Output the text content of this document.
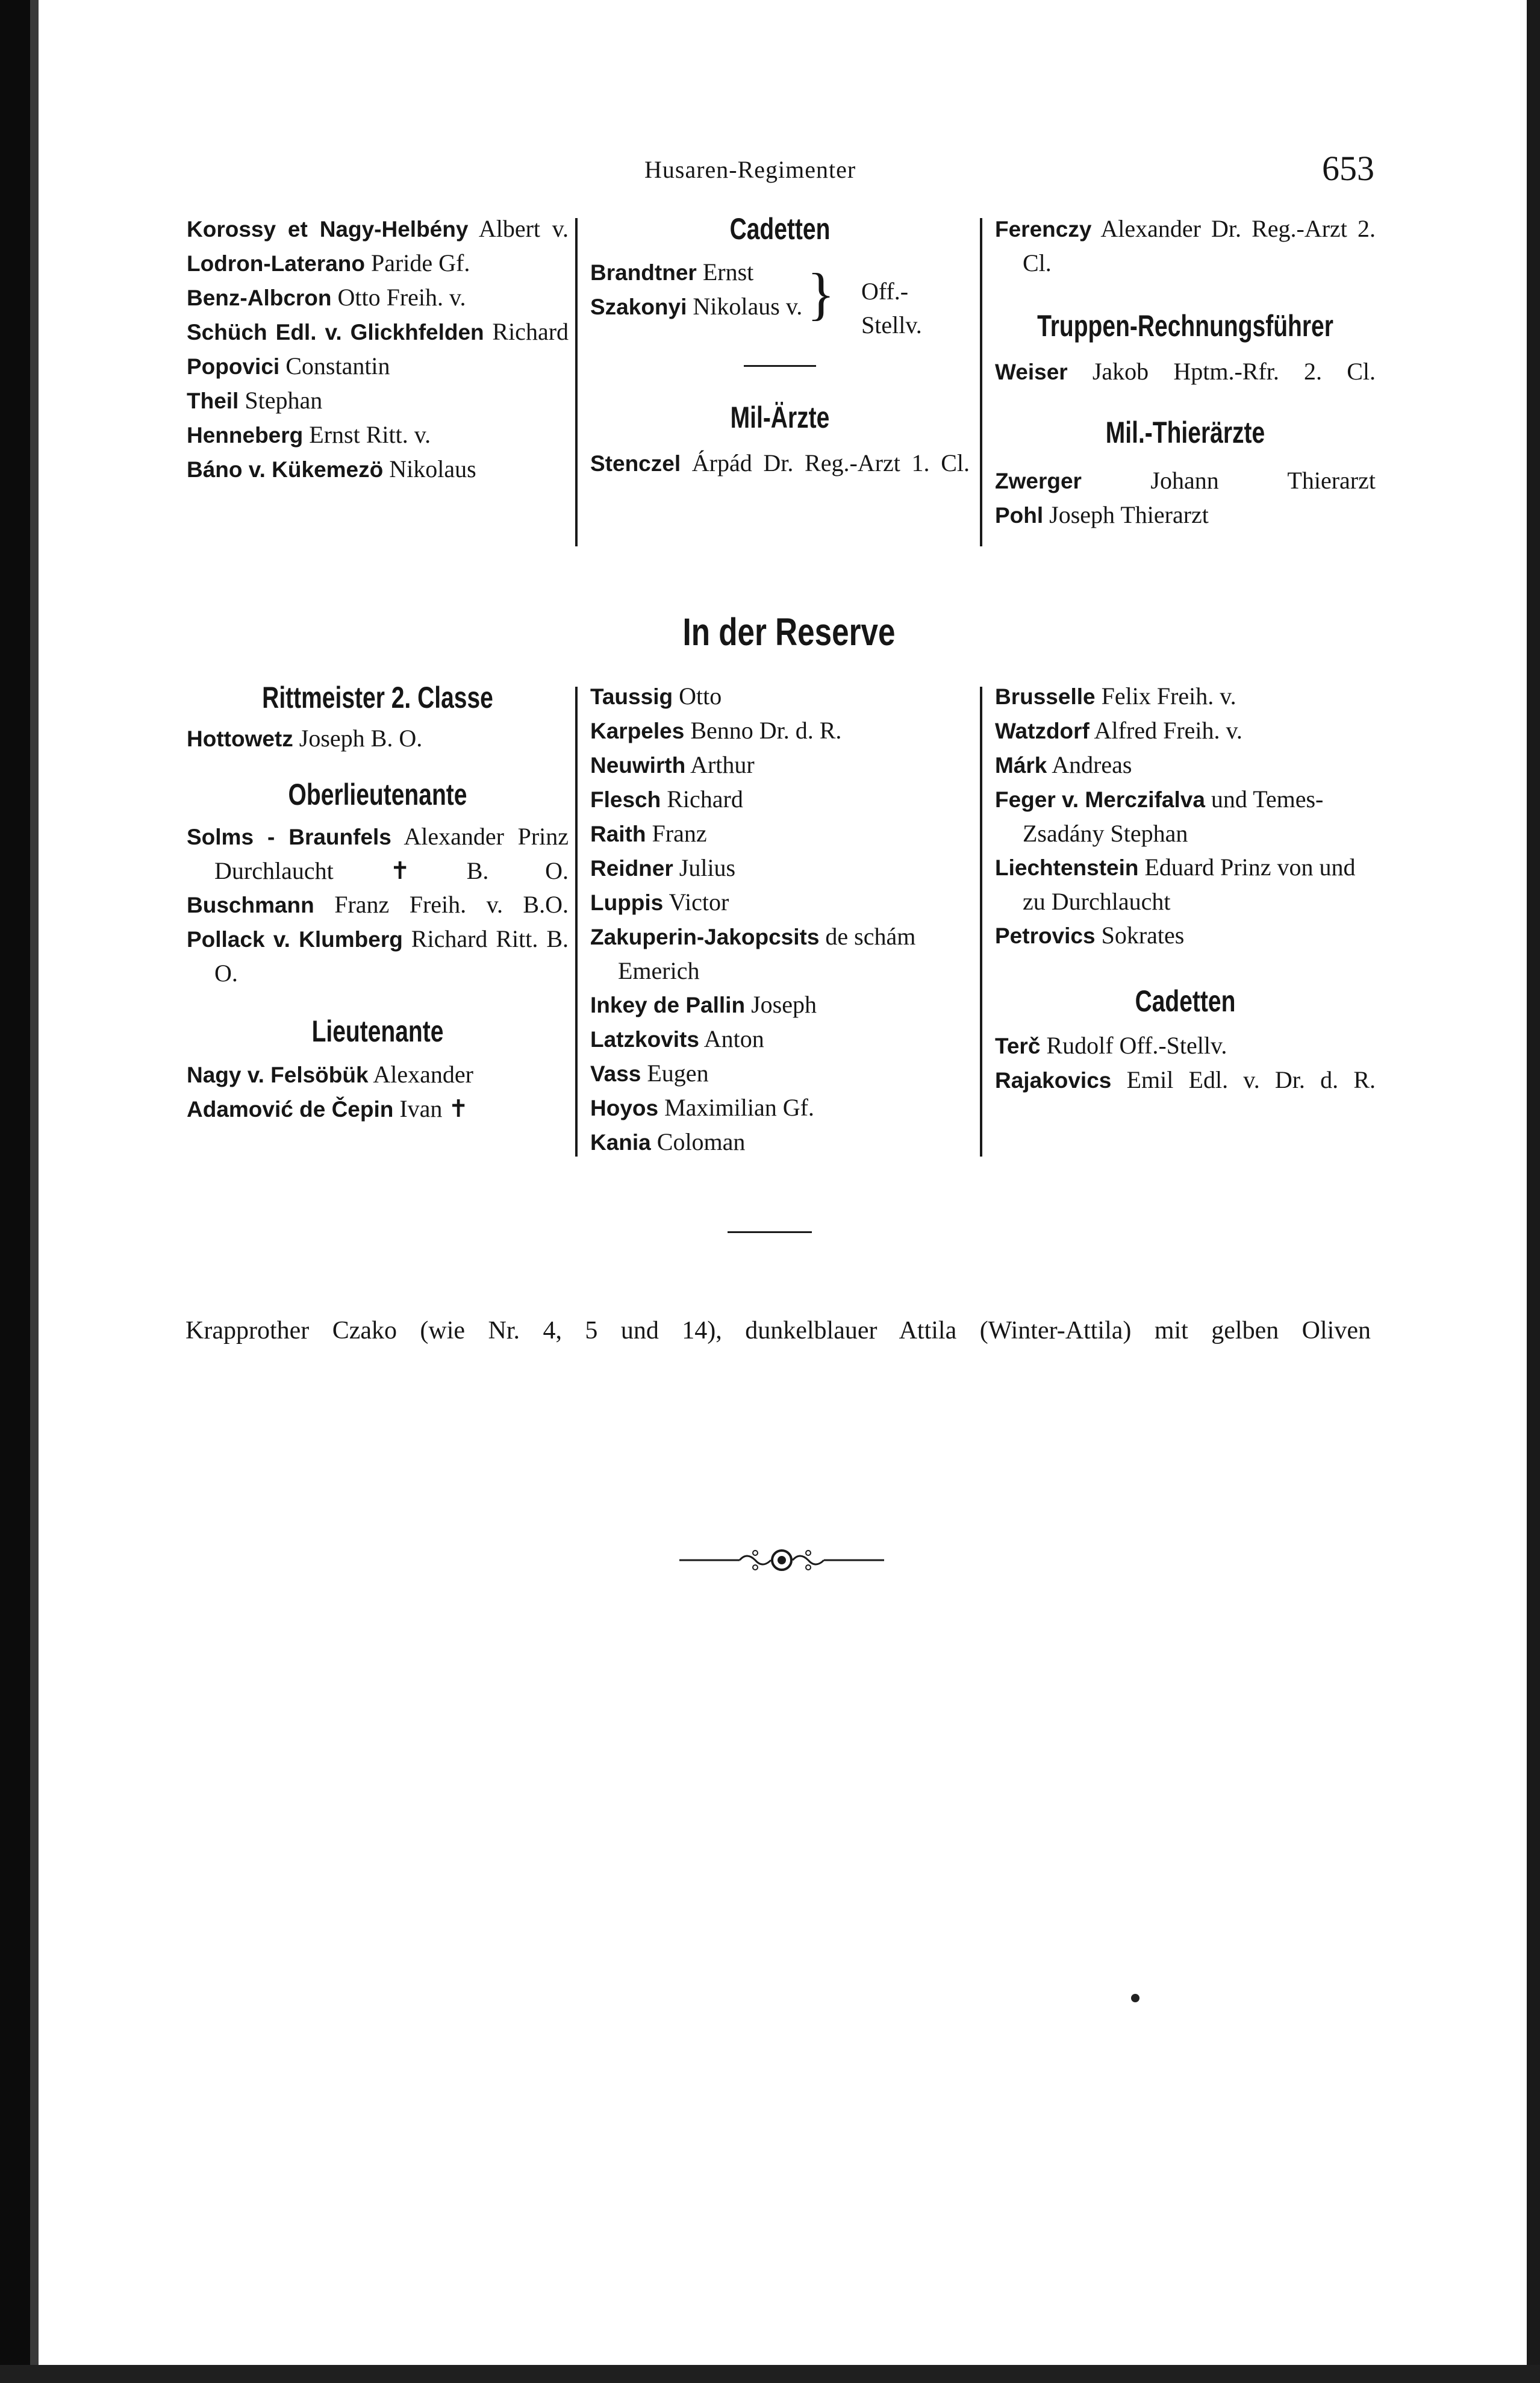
Husaren-Regimenter	653

Korossy et Nagy-Helbény Albert v.

Lodron-Laterano Paride Gf.

Benz-Albcron Otto Freih. v.

Schüch Edl. v. Glickhfelden Richard

Popovici Constantin

Theil Stephan

Henneberg Ernst Ritt. v.

Báno v. Kükemezö Nikolaus

Cadetten

Brandtner Ernst

Szakonyi Nikolaus v.

Mil-Ärzte

Stenczel Árpád Dr. Reg.-Arzt 1. Cl.

} Off.-

Stellv.

Ferenczy Alexander Dr. Reg.-Arzt 2. Cl.

Truppen-Rechnungsführer

Weiser Jakob Hptm.-Rfr. 2. Cl.

Mil.-Thierärzte

Zwerger	Johann Thierarzt

Pohl Joseph Thierarzt

In der Reserve

Rittmeister 2. Classe

Hottowetz Joseph B. O.

Oberlieutenante

Solms - Braunfels Alexander Prinz Durchlaucht ✝ B. O.

Buschmann Franz Freih. v. B.O.

Pollack v. Klumberg Richard Ritt. B. O.

Lieutenante

Nagy v. Felsöbük Alexander

Adamović de Čepin Ivan ✝

Taussig Otto

Karpeles Benno Dr. d. R.

Neuwirth Arthur

Flesch Richard

Raith Franz

Reidner Julius

Luppis Victor

Zakuperin-Jakopcsits de schám Emerich

Inkey de Pallin Joseph

Latzkovits Anton

Vass Eugen

Hoyos Maximilian Gf.

Kania Coloman

Brusselle Felix Freih. v.

Watzdorf Alfred Freih. v.

Márk Andreas

Feger v. Merczifalva und Temes-Zsadány Stephan

Liechtenstein Eduard Prinz von und zu Durchlaucht

Petrovics Sokrates

Cadetten

Terč Rudolf Off.-Stellv.

Rajakovics Emil Edl. v. Dr. d. R.

Krapprother Czako (wie Nr. 4, 5 und 14), dunkelblauer Attila (Winter-Attila) mit gelben Oliven
